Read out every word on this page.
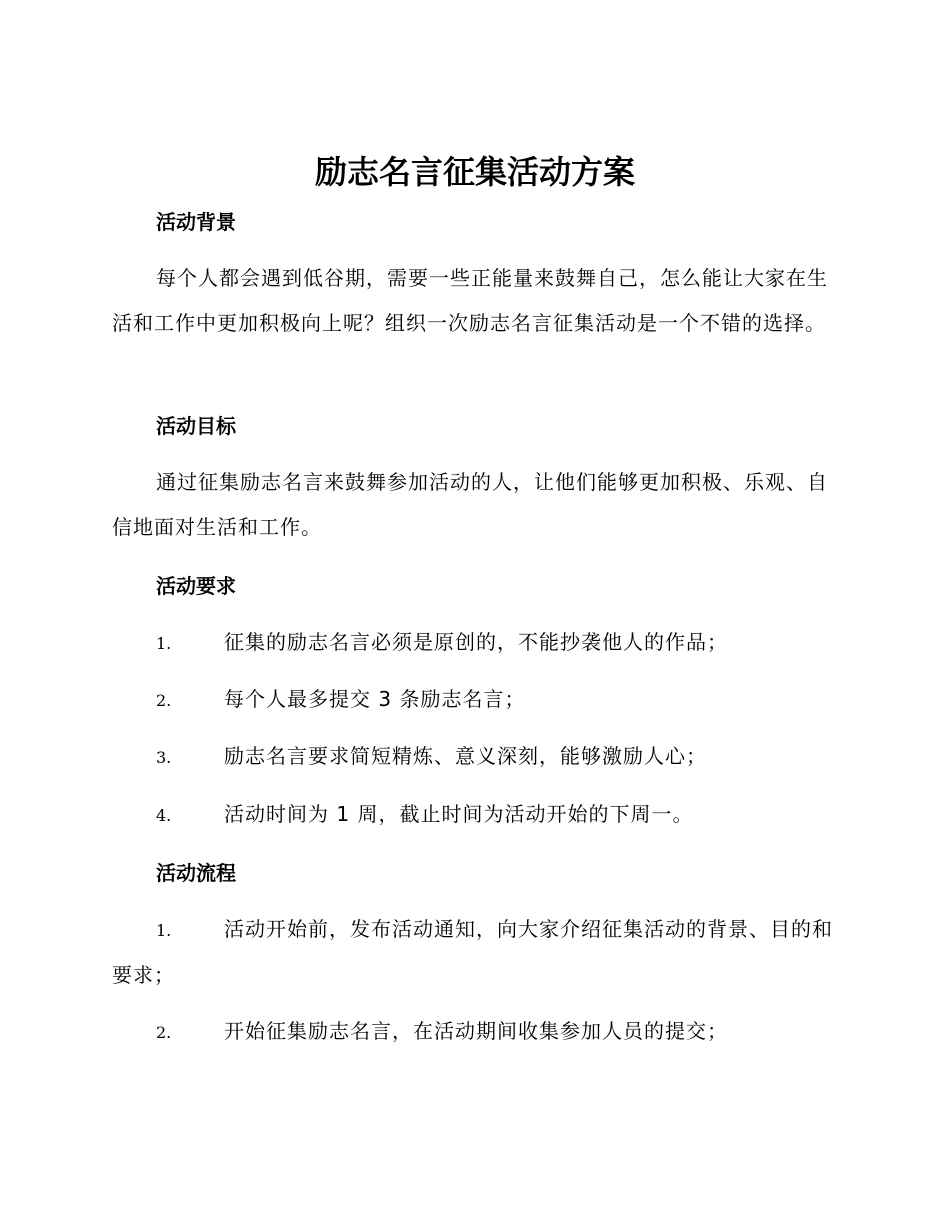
励志名言征集活动方案
活动背景

每个人都会遇到低谷期，需要一些正能量来鼓舞自己，怎么能让大家在生活和工作中更加积极向上呢？组织一次励志名言征集活动是一个不错的选择。

活动目标

通过征集励志名言来鼓舞参加活动的人，让他们能够更加积极、乐观、自信地面对生活和工作。

活动要求
1.	征集的励志名言必须是原创的，不能抄袭他人的作品；
2.	每个人最多提交 3 条励志名言；
3.	励志名言要求简短精炼、意义深刻，能够激励人心；
4.	活动时间为 1 周，截止时间为活动开始的下周一。
活动流程
1.	活动开始前，发布活动通知，向大家介绍征集活动的背景、目的和要求；
2.	开始征集励志名言，在活动期间收集参加人员的提交；
